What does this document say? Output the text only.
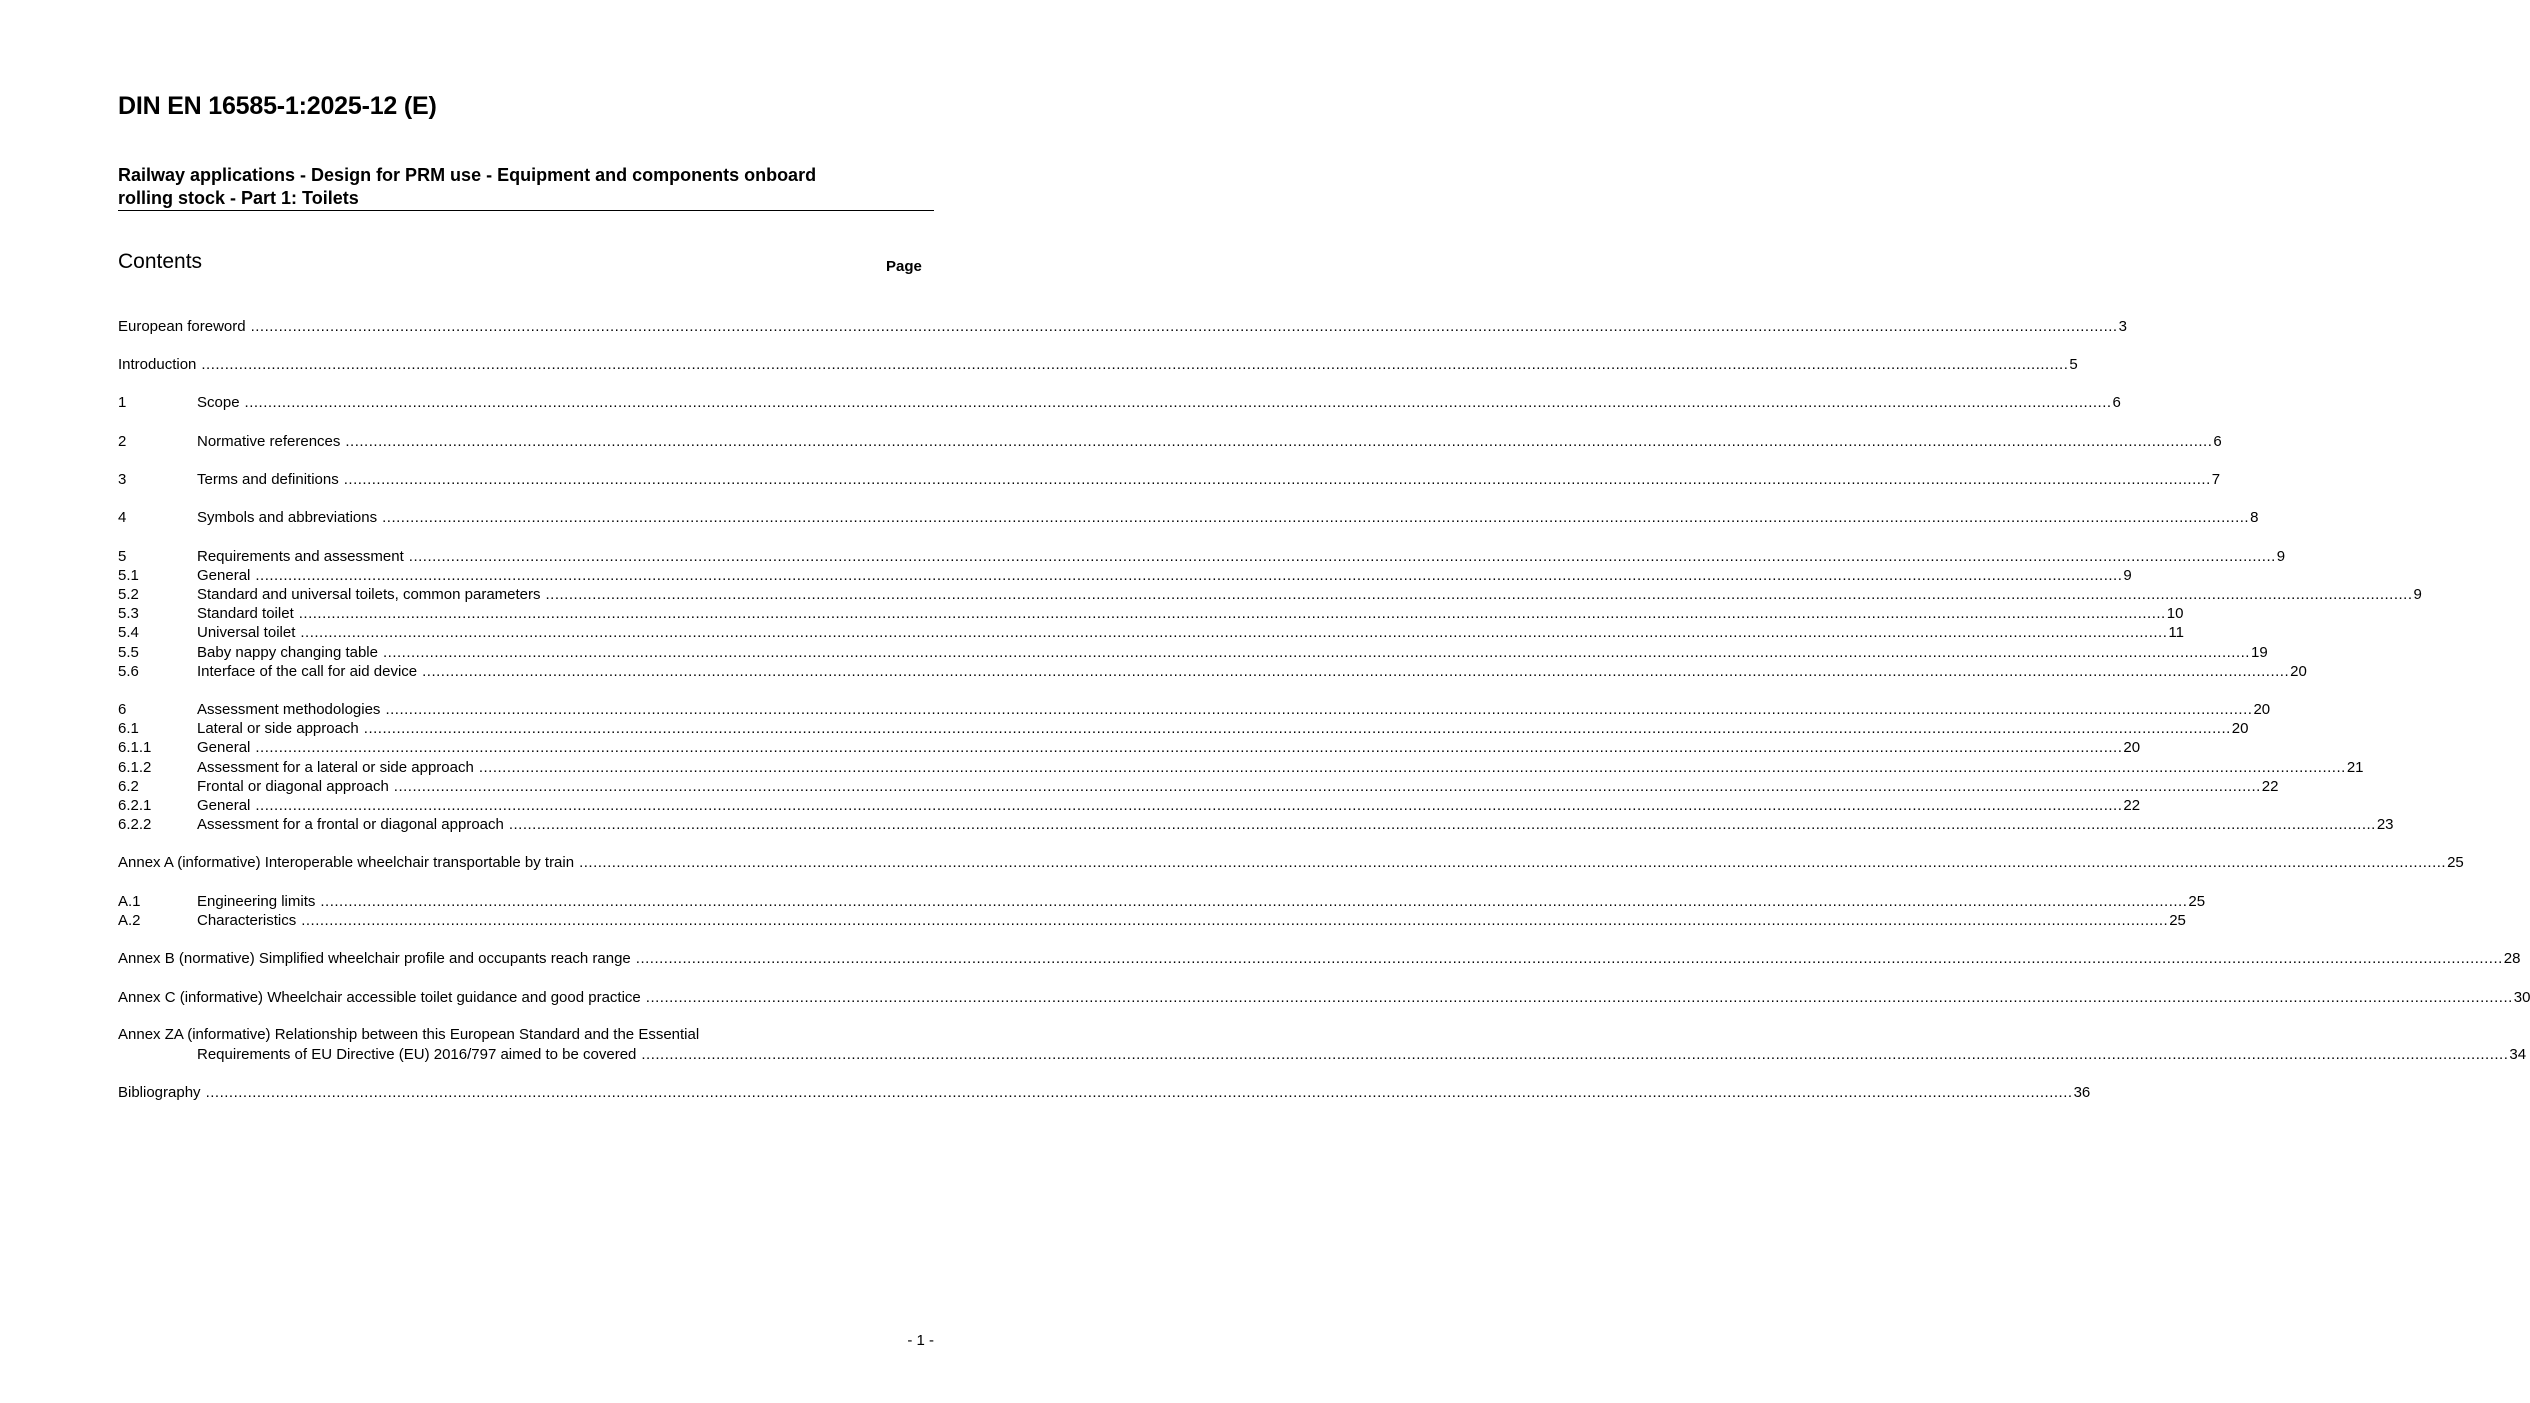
DIN EN 16585-1:2025-12 (E)
Railway applications - Design for PRM use - Equipment and components onboard
rolling stock - Part 1: Toilets
Contents	Page
European foreword ................................................................................................................................................................................................................................................................................................................................................................................................................ 3
Introduction ................................................................................................................................................................................................................................................................................................................................................................................................................ 5
1	Scope ................................................................................................................................................................................................................................................................................................................................................................................................................ 6
2	Normative references ................................................................................................................................................................................................................................................................................................................................................................................................................ 6
3	Terms and definitions ................................................................................................................................................................................................................................................................................................................................................................................................................ 7
4	Symbols and abbreviations ................................................................................................................................................................................................................................................................................................................................................................................................................ 8
5	Requirements and assessment ................................................................................................................................................................................................................................................................................................................................................................................................................ 9
5.1	General ................................................................................................................................................................................................................................................................................................................................................................................................................ 9
5.2	Standard and universal toilets, common parameters ................................................................................................................................................................................................................................................................................................................................................................................................................ 9
5.3	Standard toilet ................................................................................................................................................................................................................................................................................................................................................................................................................ 10
5.4	Universal toilet ................................................................................................................................................................................................................................................................................................................................................................................................................ 11
5.5	Baby nappy changing table ................................................................................................................................................................................................................................................................................................................................................................................................................ 19
5.6	Interface of the call for aid device ................................................................................................................................................................................................................................................................................................................................................................................................................ 20
6	Assessment methodologies ................................................................................................................................................................................................................................................................................................................................................................................................................ 20
6.1	Lateral or side approach ................................................................................................................................................................................................................................................................................................................................................................................................................ 20
6.1.1	General ................................................................................................................................................................................................................................................................................................................................................................................................................ 20
6.1.2	Assessment for a lateral or side approach ................................................................................................................................................................................................................................................................................................................................................................................................................ 21
6.2	Frontal or diagonal approach ................................................................................................................................................................................................................................................................................................................................................................................................................ 22
6.2.1	General ................................................................................................................................................................................................................................................................................................................................................................................................................ 22
6.2.2	Assessment for a frontal or diagonal approach ................................................................................................................................................................................................................................................................................................................................................................................................................ 23
Annex A (informative) Interoperable wheelchair transportable by train ................................................................................................................................................................................................................................................................................................................................................................................................................ 25
A.1	Engineering limits ................................................................................................................................................................................................................................................................................................................................................................................................................ 25
A.2	Characteristics ................................................................................................................................................................................................................................................................................................................................................................................................................ 25
Annex B (normative) Simplified wheelchair profile and occupants reach range ................................................................................................................................................................................................................................................................................................................................................................................................................ 28
Annex C (informative) Wheelchair accessible toilet guidance and good practice ................................................................................................................................................................................................................................................................................................................................................................................................................ 30
Annex ZA (informative) Relationship between this European Standard and the Essential
Requirements of EU Directive (EU) 2016/797 aimed to be covered ................................................................................................................................................................................................................................................................................................................................................................................................................ 34
Bibliography ................................................................................................................................................................................................................................................................................................................................................................................................................ 36
- 1 -
